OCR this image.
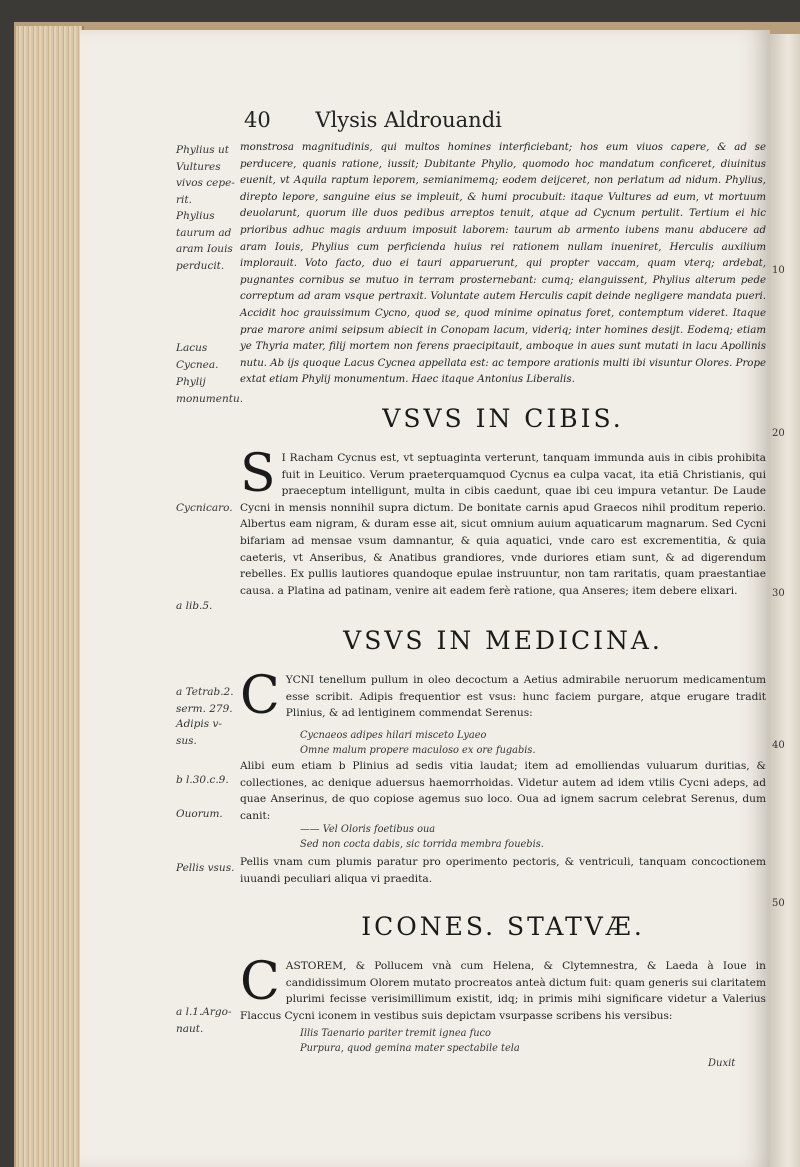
40 Vlysis Aldrouandi
Phylius ut Vultures vivos cepe-rit.
Phylius taurum ad aram Iouis perducit.
Lacus Cycnea.
Phylij monumentu.
Cycnicaro.
a lib.5.
a Tetrab.2. serm. 279.
Adipis v-sus.
b l.30.c.9.
Ouorum.
Pellis vsus.
a l.1.Argo-naut.
10
20
30
40
50

monstrosa magnitudinis, qui multos homines interficiebant; hos eum viuos capere, & ad se perducere, quanis ratione, iussit; Dubitante Phylio, quomodo hoc mandatum conficeret, diuinitus euenit, vt Aquila raptum leporem, semianimemq; eodem deijceret, non perlatum ad nidum. Phylius, direpto lepore, sanguine eius se impleuit, & humi procubuit: itaque Vultures ad eum, vt mortuum deuolarunt, quorum ille duos pedibus arreptos tenuit, atque ad Cycnum pertulit. Tertium ei hic prioribus adhuc magis arduum imposuit laborem: taurum ab armento iubens manu abducere ad aram Iouis, Phylius cum perficienda huius rei rationem nullam inueniret, Herculis auxilium implorauit. Voto facto, duo ei tauri apparuerunt, qui propter vaccam, quam vterq; ardebat, pugnantes cornibus se mutuo in terram prosternebant: cumq; elanguissent, Phylius alterum pede correptum ad aram vsque pertraxit. Voluntate autem Herculis capit deinde negligere mandata pueri. Accidit hoc grauissimum Cycno, quod se, quod minime opinatus foret, contemptum videret. Itaque prae marore animi seipsum abiecit in Conopam lacum, videriq; inter homines desijt. Eodemq; etiam ye Thyria mater, filij mortem non ferens praecipitauit, amboque in aues sunt mutati in lacu Apollinis nutu. Ab ijs quoque Lacus Cycnea appellata est: ac tempore arationis multi ibi visuntur Olores. Prope extat etiam Phylij monumentum. Haec itaque Antonius Liberalis.

VSVS IN CIBIS.
S I Racham Cycnus est, vt septuaginta verterunt, tanquam immunda auis in cibis prohibita fuit in Leuitico. Verum praeterquamquod Cycnus ea culpa vacat, ita etiã Christianis, qui praeceptum intelligunt, multa in cibis caedunt, quae ibi ceu impura vetantur. De Laude Cycni in mensis nonnihil supra dictum. De bonitate carnis apud Graecos nihil proditum reperio. Albertus eam nigram, & duram esse ait, sicut omnium auium aquaticarum magnarum. Sed Cycni bifariam ad mensae vsum damnantur, & quia aquatici, vnde caro est excrementitia, & quia caeteris, vt Anseribus, & Anatibus grandiores, vnde duriores etiam sunt, & ad digerendum rebelles. Ex pullis lautiores quandoque epulae instruuntur, non tam raritatis, quam praestantiae causa. a Platina ad patinam, venire ait eadem ferè ratione, qua Anseres; item debere elixari.
VSVS IN MEDICINA.
CYCNI tenellum pullum in oleo decoctum a Aetius admirabile neruorum medicamentum esse scribit. Adipis frequentior est vsus: hunc faciem purgare, atque erugare tradit Plinius, & ad lentiginem commendat Serenus:
Cycnaeos adipes hilari misceto Lyaeo
Omne malum propere maculoso ex ore fugabis.

Alibi eum etiam b Plinius ad sedis vitia laudat; item ad emolliendas vuluarum duritias, & collectiones, ac denique aduersus haemorrhoidas. Videtur autem ad idem vtilis Cycni adeps, ad quae Anserinus, de quo copiose agemus suo loco. Oua ad ignem sacrum celebrat Serenus, dum canit:

—— Vel Oloris foetibus oua
Sed non cocta dabis, sic torrida membra fouebis.

Pellis vnam cum plumis paratur pro operimento pectoris, & ventriculi, tanquam concoctionem iuuandi peculiari aliqua vi praedita.

ICONES. STATVÆ.
CASTOREM, & Pollucem vnà cum Helena, & Clytemnestra, & Laeda à Ioue in candidissimum Olorem mutato procreatos anteà dictum fuit: quam generis sui claritatem plurimi fecisse verisimillimum existit, idq; in primis mihi significare videtur a Valerius Flaccus Cycni iconem in vestibus suis depictam vsurpasse scribens his versibus:
Illis Taenario pariter tremit ignea fuco
Purpura, quod gemina mater spectabile tela
Duxit
